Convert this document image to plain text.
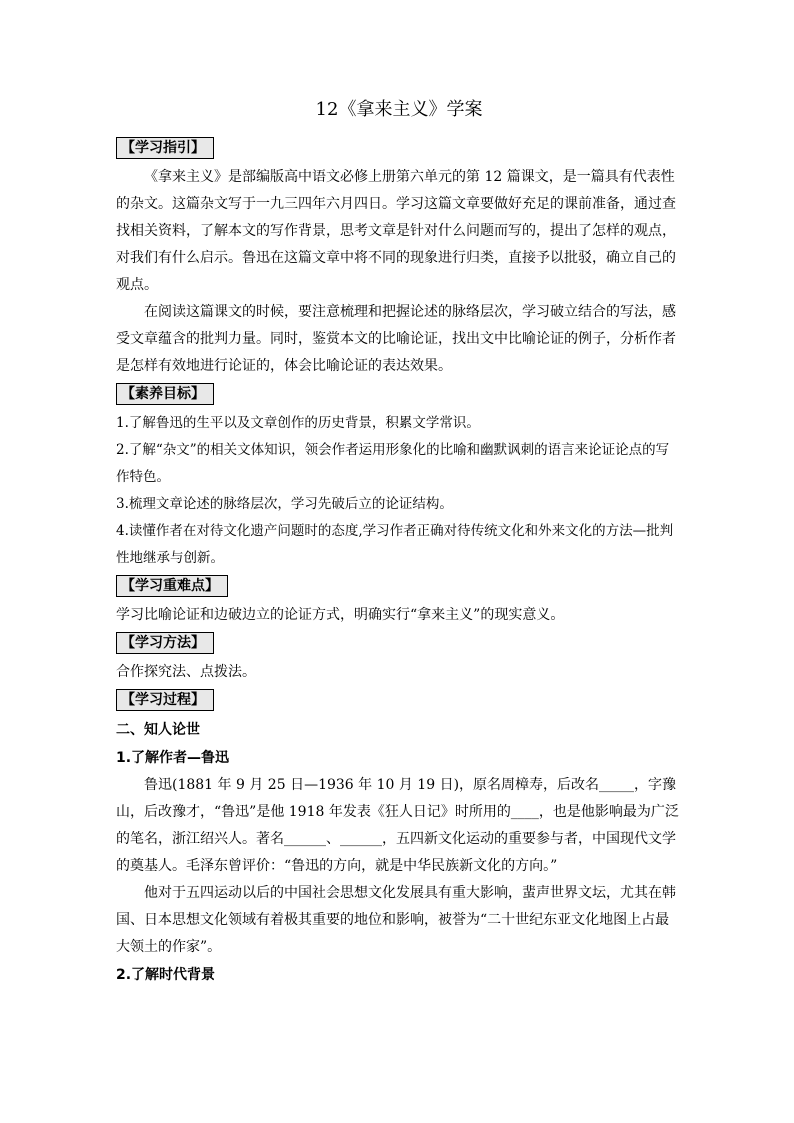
12《拿来主义》学案
【学习指引】

《拿来主义》是部编版高中语文必修上册第六单元的第 12 篇课文，是一篇具有代表性的杂文。这篇杂文写于一九三四年六月四日。学习这篇文章要做好充足的课前准备，通过查找相关资料，了解本文的写作背景，思考文章是针对什么问题而写的，提出了怎样的观点，对我们有什么启示。鲁迅在这篇文章中将不同的现象进行归类，直接予以批驳，确立自己的观点。

在阅读这篇课文的时候，要注意梳理和把握论述的脉络层次，学习破立结合的写法，感受文章蕴含的批判力量。同时，鉴赏本文的比喻论证，找出文中比喻论证的例子，分析作者是怎样有效地进行论证的，体会比喻论证的表达效果。

【素养目标】

1.了解鲁迅的生平以及文章创作的历史背景，积累文学常识。

2.了解“杂文”的相关文体知识，领会作者运用形象化的比喻和幽默讽刺的语言来论证论点的写作特色。

3.梳理文章论述的脉络层次，学习先破后立的论证结构。

4.读懂作者在对待文化遗产问题时的态度,学习作者正确对待传统文化和外来文化的方法—批判性地继承与创新。

【学习重难点】

学习比喻论证和边破边立的论证方式，明确实行“拿来主义”的现实意义。

【学习方法】

合作探究法、点拨法。

【学习过程】
二、知人论世
1.了解作者—鲁迅

鲁迅(1881 年 9 月 25 日—1936 年 10 月 19 日)，原名周樟寿，后改名_____，字豫山，后改豫才，“鲁迅”是他 1918 年发表《狂人日记》时所用的____，也是他影响最为广泛的笔名，浙江绍兴人。著名______、______，五四新文化运动的重要参与者，中国现代文学的奠基人。毛泽东曾评价：“鲁迅的方向，就是中华民族新文化的方向。”

他对于五四运动以后的中国社会思想文化发展具有重大影响，蜚声世界文坛，尤其在韩国、日本思想文化领域有着极其重要的地位和影响，被誉为“二十世纪东亚文化地图上占最大领土的作家”。

2.了解时代背景
